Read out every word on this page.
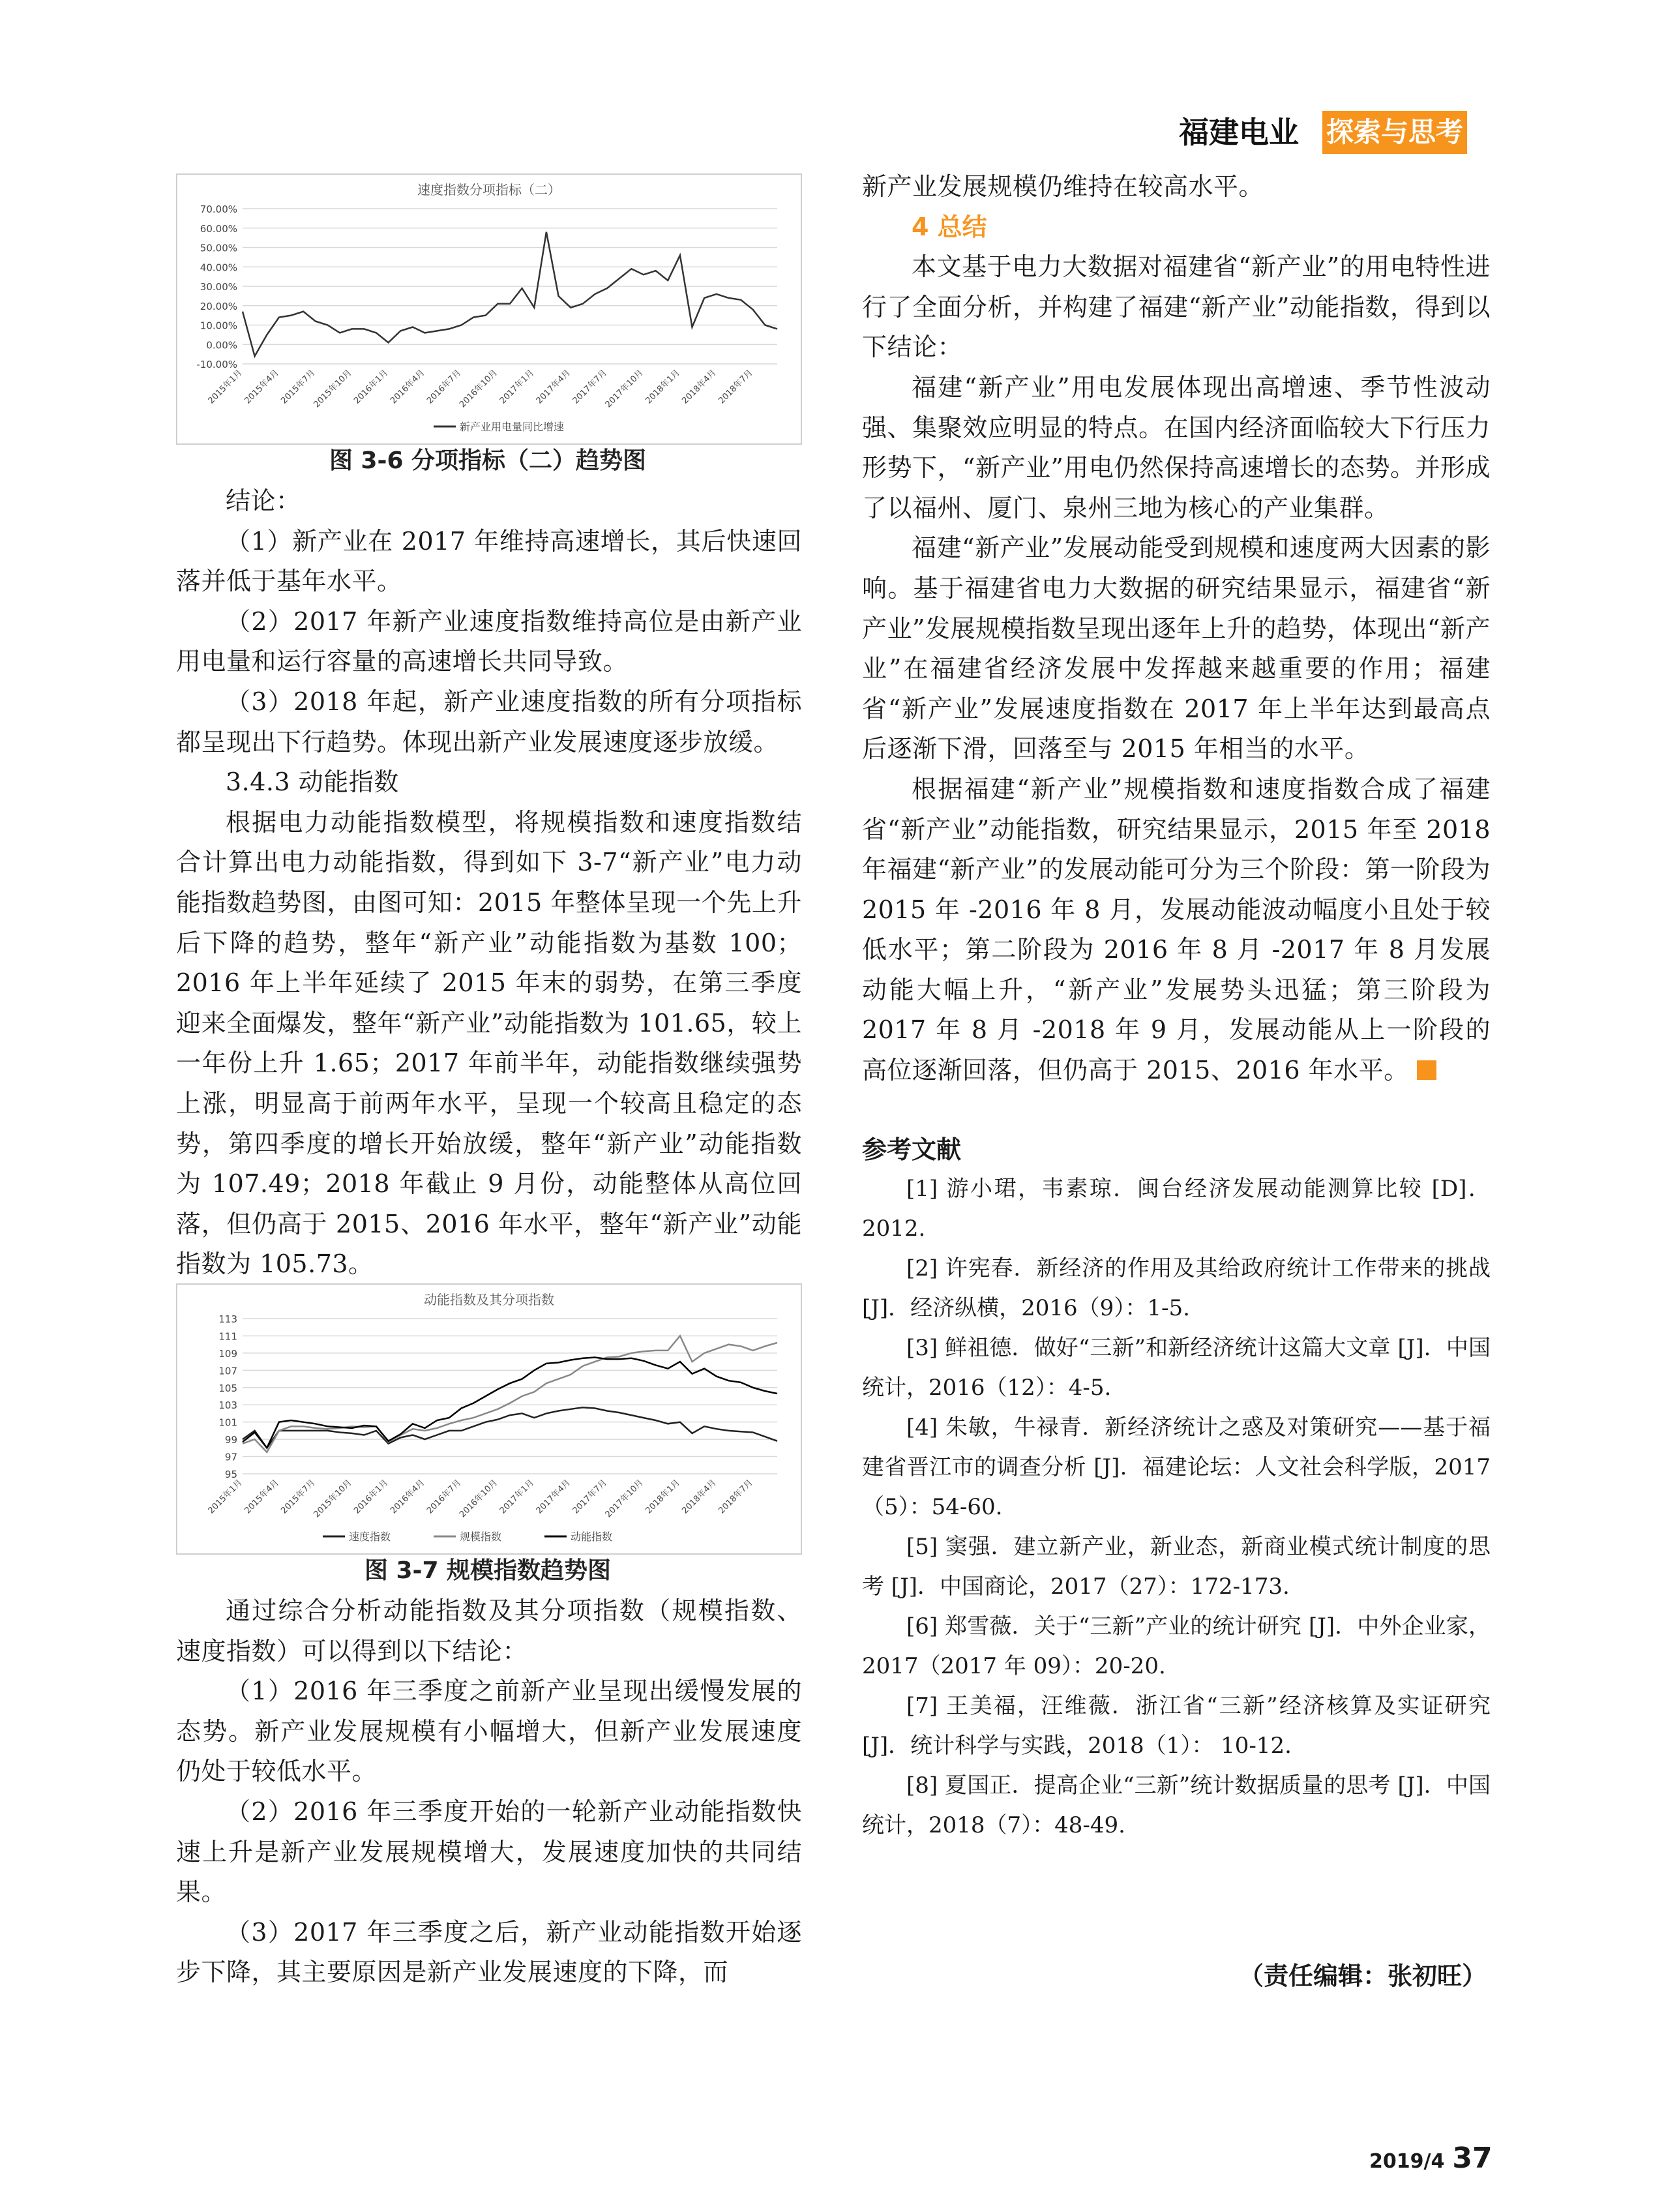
福建电业 探索与思考
速度指数分项指标（二）
70.00%
60.00%
50.00%
40.00%
30.00%
20.00%
10.00%
0.00%
-10.00%
2015年1月
2015年4月
2015年7月
2015年10月
2016年1月
2016年4月
2016年7月
2016年10月
2017年1月
2017年4月
2017年7月
2017年10月
2018年1月
2018年4月
2018年7月
新产业用电量同比增速
图 3-6 分项指标（二）趋势图

结论：

（1）新产业在 2017 年维持高速增长，其后快速回落并低于基年水平。

（2）2017 年新产业速度指数维持高位是由新产业用电量和运行容量的高速增长共同导致。

（3）2018 年起，新产业速度指数的所有分项指标都呈现出下行趋势。体现出新产业发展速度逐步放缓。

3.4.3 动能指数

根据电力动能指数模型，将规模指数和速度指数结合计算出电力动能指数，得到如下 3-7“新产业”电力动能指数趋势图，由图可知：2015 年整体呈现一个先上升后下降的趋势，整年“新产业”动能指数为基数 100；2016 年上半年延续了 2015 年末的弱势，在第三季度迎来全面爆发，整年“新产业”动能指数为 101.65，较上一年份上升 1.65；2017 年前半年，动能指数继续强势上涨，明显高于前两年水平，呈现一个较高且稳定的态势，第四季度的增长开始放缓，整年“新产业”动能指数为 107.49；2018 年截止 9 月份，动能整体从高位回落，但仍高于 2015、2016 年水平，整年“新产业”动能指数为 105.73。

动能指数及其分项指数
113
111
109
107
105
103
101
99
97
95
2015年1月
2015年4月
2015年7月
2015年10月
2016年1月
2016年4月
2016年7月
2016年10月
2017年1月
2017年4月
2017年7月
2017年10月
2018年1月
2018年4月
2018年7月
速度指数	规模指数	动能指数
图 3-7 规模指数趋势图

通过综合分析动能指数及其分项指数（规模指数、速度指数）可以得到以下结论：

（1）2016 年三季度之前新产业呈现出缓慢发展的态势。新产业发展规模有小幅增大，但新产业发展速度仍处于较低水平。

（2）2016 年三季度开始的一轮新产业动能指数快速上升是新产业发展规模增大，发展速度加快的共同结果。

（3）2017 年三季度之后，新产业动能指数开始逐步下降，其主要原因是新产业发展速度的下降，而

新产业发展规模仍维持在较高水平。

4 总结

本文基于电力大数据对福建省“新产业”的用电特性进行了全面分析，并构建了福建“新产业”动能指数，得到以下结论：

福建“新产业”用电发展体现出高增速、季节性波动强、集聚效应明显的特点。在国内经济面临较大下行压力形势下，“新产业”用电仍然保持高速增长的态势。并形成了以福州、厦门、泉州三地为核心的产业集群。

福建“新产业”发展动能受到规模和速度两大因素的影响。基于福建省电力大数据的研究结果显示，福建省“新产业”发展规模指数呈现出逐年上升的趋势，体现出“新产业”在福建省经济发展中发挥越来越重要的作用；福建省“新产业”发展速度指数在 2017 年上半年达到最高点后逐渐下滑，回落至与 2015 年相当的水平。

根据福建“新产业”规模指数和速度指数合成了福建省“新产业”动能指数，研究结果显示，2015 年至 2018 年福建“新产业”的发展动能可分为三个阶段：第一阶段为 2015 年 -2016 年 8 月，发展动能波动幅度小且处于较低水平；第二阶段为 2016 年 8 月 -2017 年 8 月发展动能大幅上升，“新产业”发展势头迅猛；第三阶段为 2017 年 8 月 -2018 年 9 月，发展动能从上一阶段的高位逐渐回落，但仍高于 2015、2016 年水平。

参考文献

[1] 游小珺，韦素琼．闽台经济发展动能测算比较 [D]．2012.

[2] 许宪春．新经济的作用及其给政府统计工作带来的挑战 [J]．经济纵横，2016（9）：1-5.

[3] 鲜祖德．做好“三新”和新经济统计这篇大文章 [J]．中国统计，2016（12）：4-5.

[4] 朱敏，牛禄青．新经济统计之惑及对策研究——基于福建省晋江市的调查分析 [J]．福建论坛：人文社会科学版，2017（5）：54-60.

[5] 窦强．建立新产业，新业态，新商业模式统计制度的思考 [J]．中国商论，2017（27）：172-173.

[6] 郑雪薇．关于“三新”产业的统计研究 [J]．中外企业家，2017（2017 年 09）：20-20.

[7] 王美福，汪维薇．浙江省“三新”经济核算及实证研究 [J]．统计科学与实践，2018（1）： 10-12.

[8] 夏国正．提高企业“三新”统计数据质量的思考 [J]．中国统计，2018（7）：48-49.

（责任编辑：张初旺）
2019/4 37
